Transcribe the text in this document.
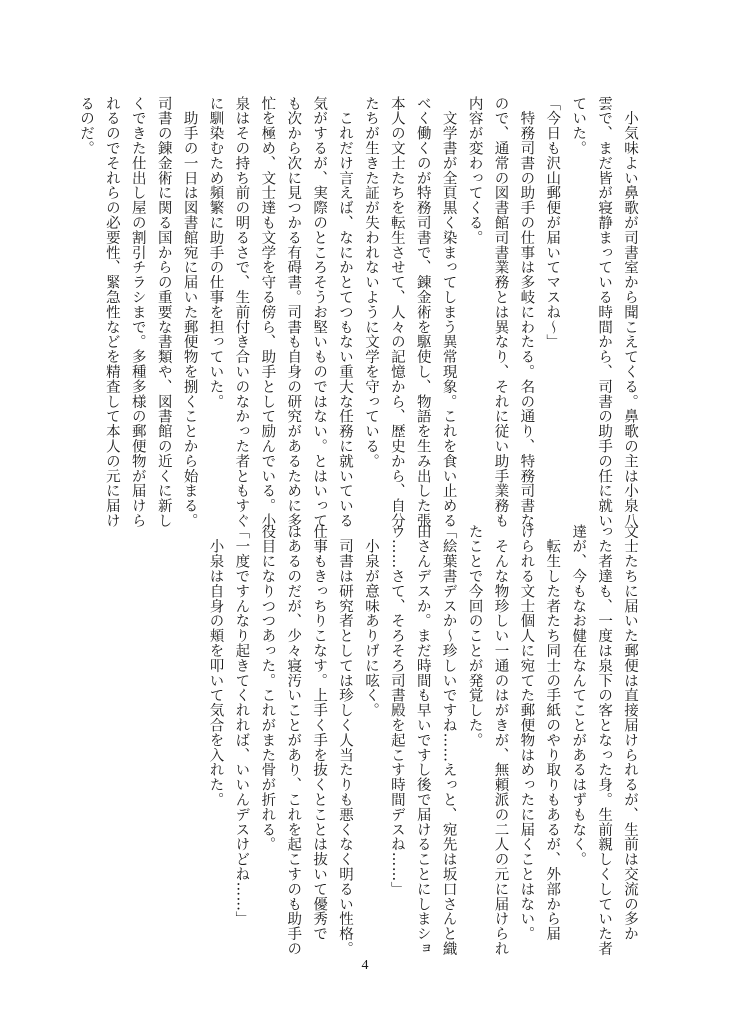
　小気味よい鼻歌が司書室から聞こえてくる。鼻歌の主は小泉八
雲で、まだ皆が寝静まっている時間から、司書の助手の任に就い
ていた。
「今日も沢山郵便が届いてマスね～」
　特務司書の助手の仕事は多岐にわたる。名の通り、特務司書な
ので、通常の図書館司書業務とは異なり、それに従い助手業務も
内容が変わってくる。
　文学書が全頁黒く染まってしまう異常現象。これを食い止める
べく働くのが特務司書で、錬金術を駆使し、物語を生み出した張
本人の文士たちを転生させて、人々の記憶から、歴史から、自分
たちが生きた証が失われないように文学を守っている。
　これだけ言えば、なにかとてつもない重大な任務に就いている
気がするが、実際のところそうお堅いものではない。とはいって
も次から次に見つかる有碍書。司書も自身の研究があるために多
忙を極め、文士達も文学を守る傍ら、助手として励んでいる。小
泉はその持ち前の明るさで、生前付き合いのなかった者ともすぐ
に馴染むため頻繁に助手の仕事を担っていた。
　助手の一日は図書館宛に届いた郵便物を捌くことから始まる。
司書の錬金術に関る国からの重要な書類や、図書館の近くに新し
くできた仕出し屋の割引チラシまで。多種多様の郵便物が届けら
れるのでそれらの必要性、緊急性などを精査して本人の元に届け
るのだ。
文士たちに届いた郵便は直接届けられるが、生前は交流の多か
った者達も、一度は泉下の客となった身。生前親しくしていた者
達が、今もなお健在なんてことがあるはずもなく。
　転生した者たち同士の手紙のやり取りもあるが、外部から届
けられる文士個人に宛てた郵便物はめったに届くことはない。
　そんな物珍しい一通のはがきが、無頼派の二人の元に届けられ
たことで今回のことが発覚した。
「絵葉書デスか～珍しいですね……えっと、宛先は坂口さんと織
田さんデスか。まだ時間も早いですし後で届けることにしまショ
ウ……さて、そろそろ司書殿を起こす時間デスね……」
　小泉が意味ありげに呟く。
　司書は研究者としては珍しく人当たりも悪くなく明るい性格。
仕事もきっちりこなす。上手く手を抜くとことは抜いて優秀で
はあるのだが、少々寝汚いことがあり、これを起こすのも助手の
役目になりつつあった。これがまた骨が折れる。
「一度ですんなり起きてくれれば、いいんデスけどね……」
　小泉は自身の頬を叩いて気合を入れた。
4
